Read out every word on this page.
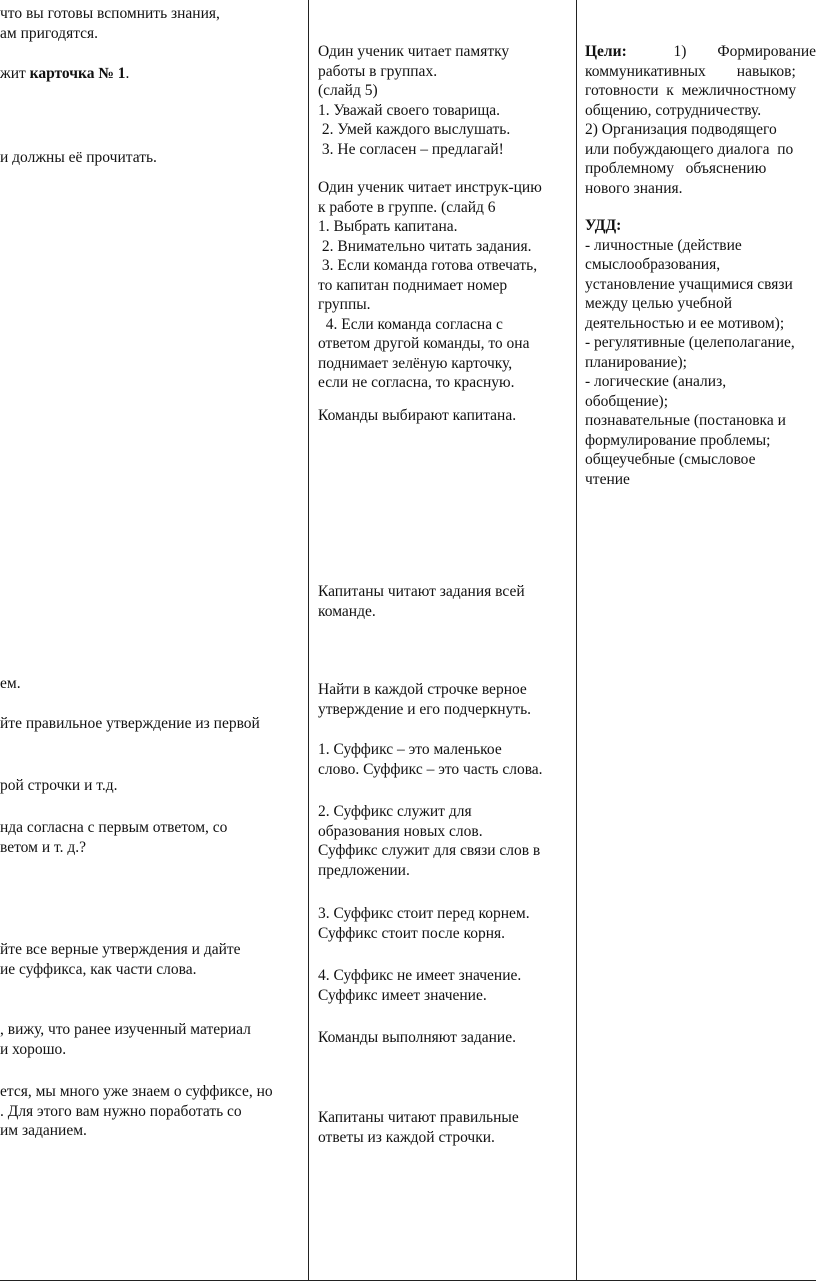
что вы готовы вспомнить знания,
ам пригодятся.
жит карточка № 1.
и должны её прочитать.
ем.
йте правильное утверждение из первой
рой строчки и т.д.
нда согласна с первым ответом, со
ветом и т. д.?
йте все верные утверждения и дайте
ие суффикса, как части слова.
, вижу, что ранее изученный материал
и хорошо.
ется, мы много уже знаем о суффиксе, но
. Для этого вам нужно поработать со
им заданием.
Один ученик читает памятку
работы в группах.
(слайд 5)
1. Уважай своего товарища.
2. Умей каждого выслушать.
3. Не согласен – предлагай!
Один ученик читает инструк-цию
к работе в группе. (слайд 6
1. Выбрать капитана.
2. Внимательно читать задания.
3. Если команда готова отвечать,
то капитан поднимает номер
группы.
4. Если команда согласна с
ответом другой команды, то она
поднимает зелёную карточку,
если не согласна, то красную.
Команды выбирают капитана.
Капитаны читают задания всей
команде.
Найти в каждой строчке верное
утверждение и его подчеркнуть.
1. Суффикс – это маленькое
слово. Суффикс – это часть слова.
2. Суффикс служит для
образования новых слов.
Суффикс служит для связи слов в
предложении.
3. Суффикс стоит перед корнем.
Суффикс стоит после корня.
4. Суффикс не имеет значение.
Суффикс имеет значение.
Команды выполняют задание.
Капитаны читают правильные
ответы из каждой строчки.
Цели:	1)        Формирование
коммуникативных        навыков;
готовности  к  межличностному
общению, сотрудничеству.
2) Организация подводящего
или побуждающего диалога  по
проблемному   объяснению
нового знания.
УДД:
- личностные (действие
смыслообразования,
установление учащимися связи
между целью учебной
деятельностью и ее мотивом);
- регулятивные (целеполагание,
планирование);
- логические (анализ,
обобщение);
познавательные (постановка и
формулирование проблемы;
общеучебные (смысловое
чтение
